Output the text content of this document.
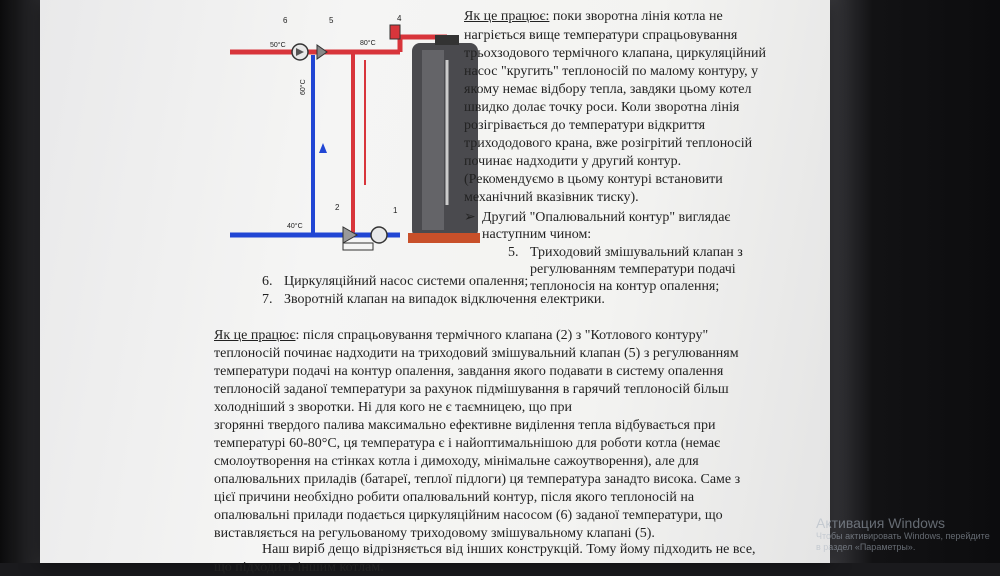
6	5	4
2	1
50°C	80°C
60°C
40°C
Як це працює: поки зворотна лінія котла не
нагріється вище температури спрацьовування
трьохзодового термічного клапана, циркуляційний
насос "кругить" теплоносій по малому контуру, у
якому немає відбору тепла, завдяки цьому котел
швидко долає точку роси. Коли зворотна лінія
розігрівається до температури відкриття
трихододового крана, вже розігрітий теплоносій
починає надходити у другий контур.
(Рекомендуємо в цьому контурі встановити
механічний вказівник тиску).
➢ Другий "Опалювальний контур" виглядає
наступним чином:
5. Триходовий змішувальний клапан з
регулюванням температури подачі
теплоносія на контур опалення;
6. Циркуляційний насос системи опалення;
7. Зворотній клапан на випадок відключення електрики.
Як це працює: після спрацьовування термічного клапана (2) з "Котлового контуру"
теплоносій починає надходити на триходовий змішувальний клапан (5) з регулюванням
температури подачі на контур опалення, завдання якого подавати в систему опалення
теплоносій заданої температури за рахунок підмішування в гарячий теплоносій більш
холодніший з зворотки. Ні для кого не є таємницею, що при
згорянні твердого палива максимально ефективне виділення тепла відбувається при
температурі 60-80°С, ця температура є і найоптимальнішою для роботи котла (немає
смолоутворення на стінках котла і димоходу, мінімальне сажоутворення), але для
опалювальних приладів (батареї, теплої підлоги) ця температура занадто висока. Саме з
цієї причини необхідно робити опалювальний контур, після якого теплоносій на
опалювальні прилади подається циркуляційним насосом (6) заданої температури, що
виставляється на регульованому триходовому змішувальному клапані (5).
Наш виріб дещо відрізняється від інших конструкцій. Тому йому підходить не все,
що підходить іншим котлам.
Активация Windows
Чтобы активировать Windows, перейдите в раздел «Параметры».
